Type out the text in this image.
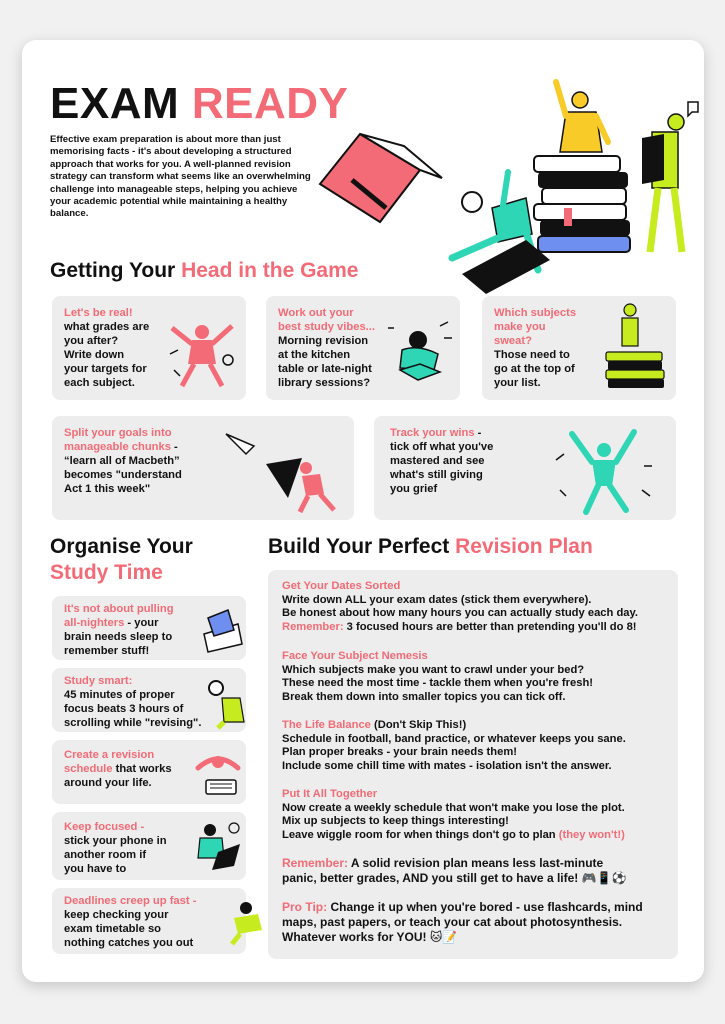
EXAM READY
Effective exam preparation is about more than just memorising facts - it's about developing a structured approach that works for you. A well-planned revision strategy can transform what seems like an overwhelming challenge into manageable steps, helping you achieve your academic potential while maintaining a healthy balance.
Getting Your Head in the Game
Let's be real!
what grades are
you after?
Write down
your targets for
each subject.
Work out your
best study vibes...
Morning revision
at the kitchen
table or late-night
library sessions?
Which subjects
make you
sweat?
Those need to
go at the top of
your list.
Split your goals into
manageable chunks -
“learn all of Macbeth”
becomes "understand
Act 1 this week"
Track your wins -
tick off what you've
mastered and see
what's still giving
you grief
Organise Your
Study Time
It's not about pulling
all-nighters - your
brain needs sleep to
remember stuff!
Study smart:
45 minutes of proper
focus beats 3 hours of
scrolling while "revising".
Create a revision
schedule that works
around your life.
Keep focused -
stick your phone in
another room if
you have to
Deadlines creep up fast -
keep checking your
exam timetable so
nothing catches you out
Build Your Perfect Revision Plan
Get Your Dates Sorted
Write down ALL your exam dates (stick them everywhere).
Be honest about how many hours you can actually study each day.
Remember: 3 focused hours are better than pretending you'll do 8!
Face Your Subject Nemesis
Which subjects make you want to crawl under your bed?
These need the most time - tackle them when you're fresh!
Break them down into smaller topics you can tick off.
The Life Balance (Don't Skip This!)
Schedule in football, band practice, or whatever keeps you sane.
Plan proper breaks - your brain needs them!
Include some chill time with mates - isolation isn't the answer.
Put It All Together
Now create a weekly schedule that won't make you lose the plot.
Mix up subjects to keep things interesting!
Leave wiggle room for when things don't go to plan (they won't!)
Remember: A solid revision plan means less last-minute
panic, better grades, AND you still get to have a life! 🎮📱⚽
Pro Tip: Change it up when you're bored - use flashcards, mind
maps, past papers, or teach your cat about photosynthesis.
Whatever works for YOU! 🐱📝
